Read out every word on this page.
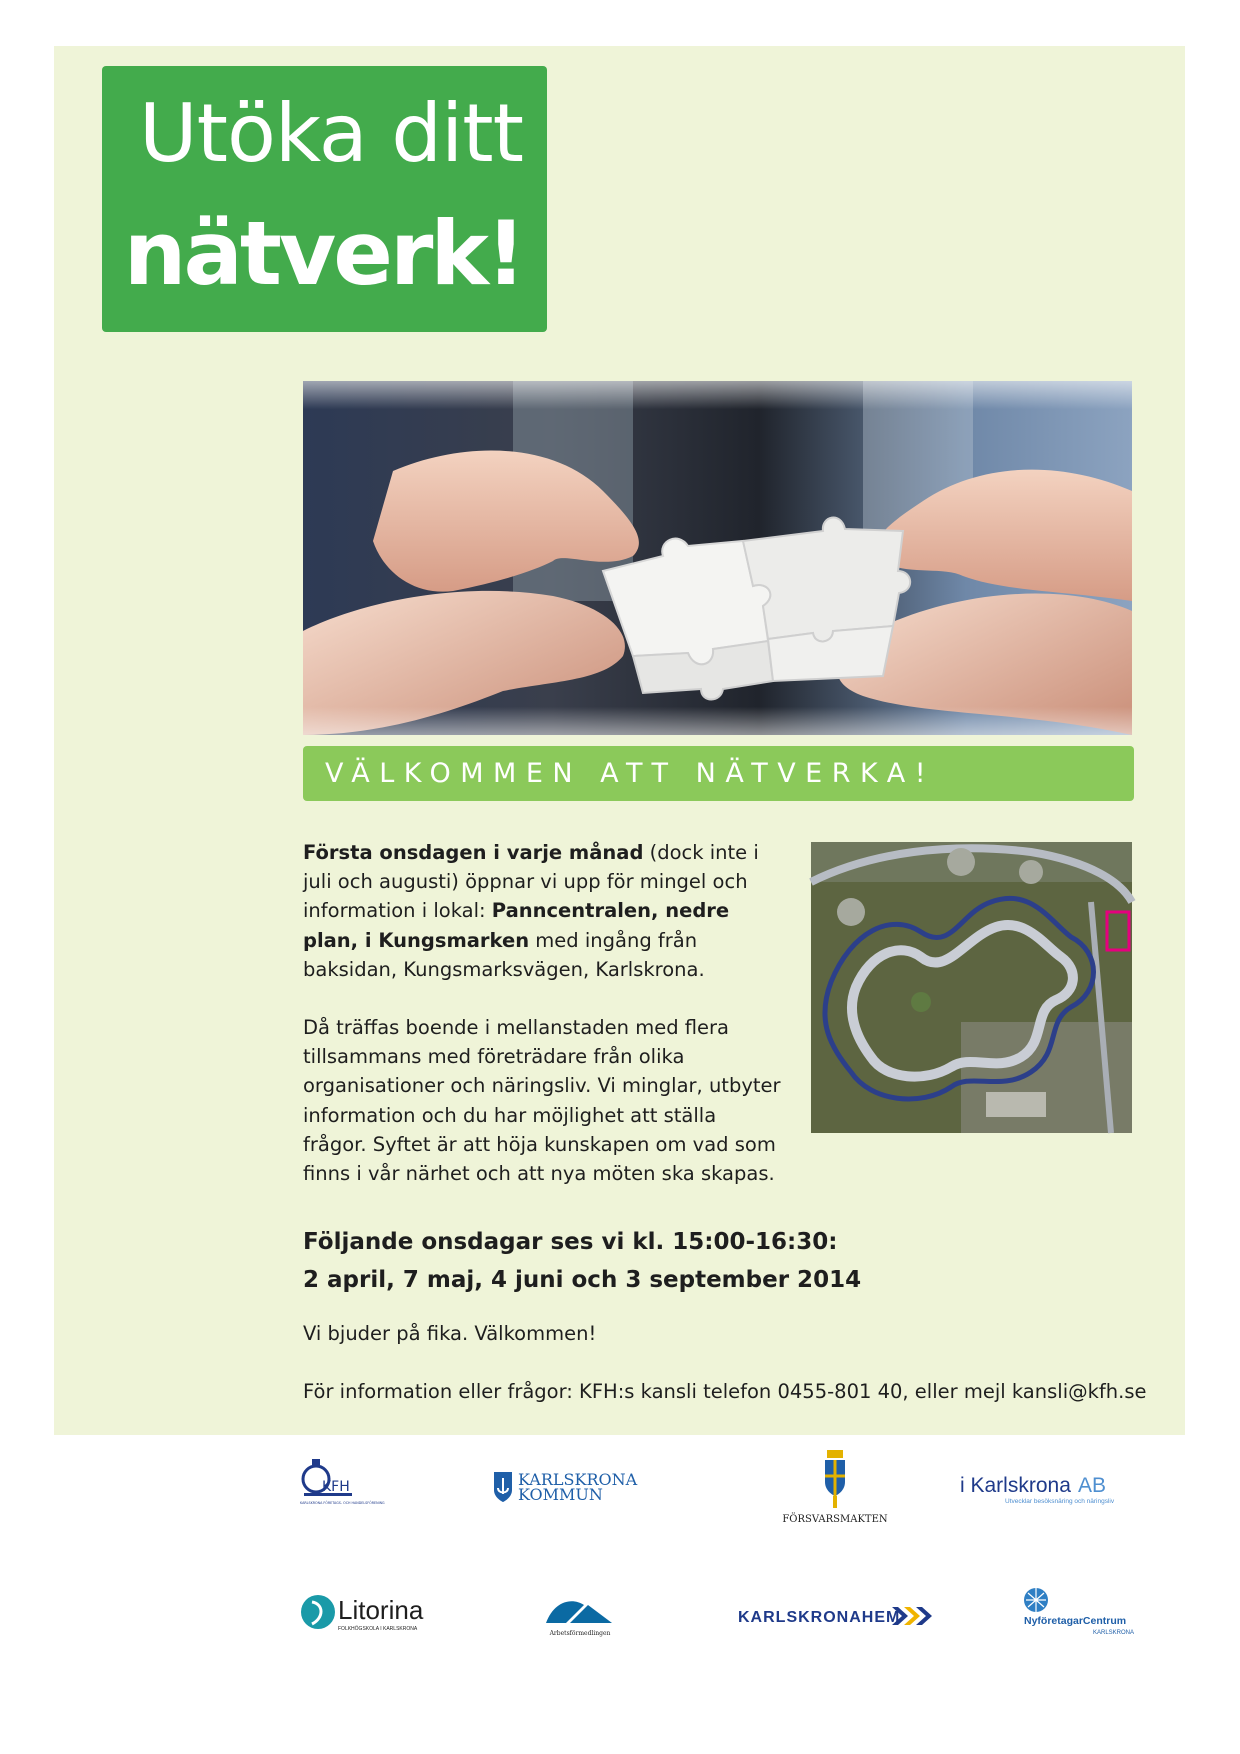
Utöka ditt
nätverk!
VÄLKOMMEN ATT NÄTVERKA!
Första onsdagen i varje månad (dock inte i juli och augusti) öppnar vi upp för mingel och information i lokal: Panncentralen, nedre plan, i Kungsmarken med ingång från baksidan, Kungsmarksvägen, Karlskrona.
Då träffas boende i mellanstaden med flera tillsammans med företrädare från olika organisationer och näringsliv. Vi minglar, utbyter information och du har möjlighet att ställa frågor. Syftet är att höja kunskapen om vad som finns i vår närhet och att nya möten ska skapas.
Följande onsdagar ses vi kl. 15:00-16:30:
2 april, 7 maj, 4 juni och 3 september 2014
Vi bjuder på fika. Välkommen!
För information eller frågor: KFH:s kansli telefon 0455-801 40, eller mejl kansli@kfh.se
KFH
KARLSKRONA FÖRETAGS- OCH HANDELSFÖRENING
KARLSKRONA
KOMMUN
FÖRSVARSMAKTEN
i Karlskrona AB
Utvecklar besöksnäring och näringsliv
Litorina
FOLKHÖGSKOLA I KARLSKRONA
Arbetsförmedlingen
KARLSKRONAHEM	NyföretagarCentrum
KARLSKRONA
